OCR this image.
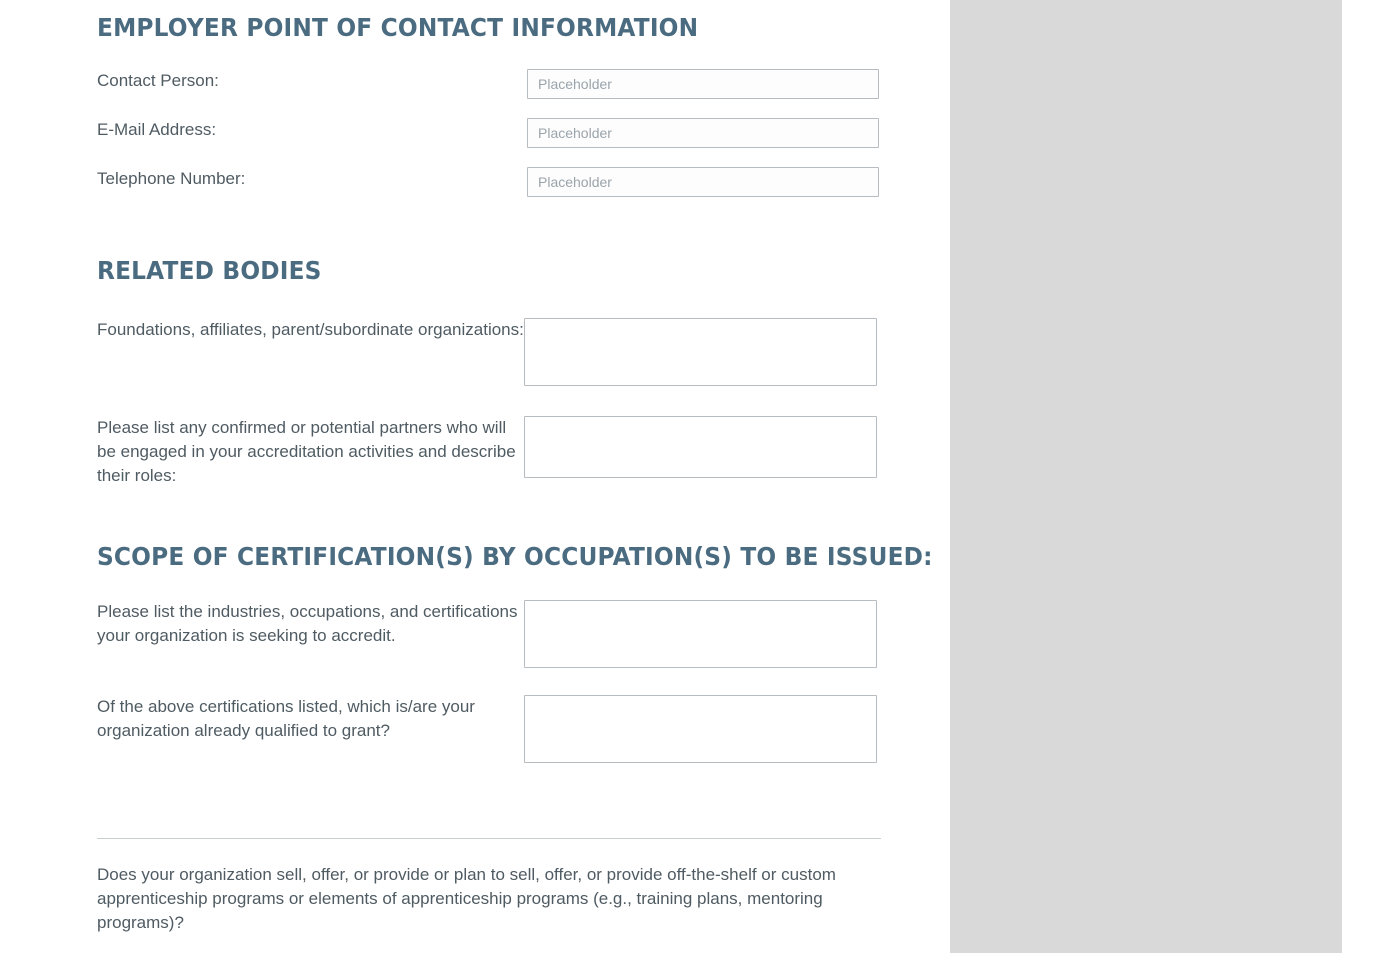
EMPLOYER POINT OF CONTACT INFORMATION
Contact Person:
Placeholder
E-Mail Address:
Placeholder
Telephone Number:
Placeholder
RELATED BODIES
Foundations, affiliates, parent/subordinate organizations:
Please list any confirmed or potential partners who will be engaged in your accreditation activities and describe their roles:
SCOPE OF CERTIFICATION(S) BY OCCUPATION(S) TO BE ISSUED:
Please list the industries, occupations, and certifications your organization is seeking to accredit.
Of the above certifications listed, which is/are your organization already qualified to grant?
Does your organization sell, offer, or provide or plan to sell, offer, or provide off-the-shelf or custom apprenticeship programs or elements of apprenticeship programs (e.g., training plans, mentoring programs)?
